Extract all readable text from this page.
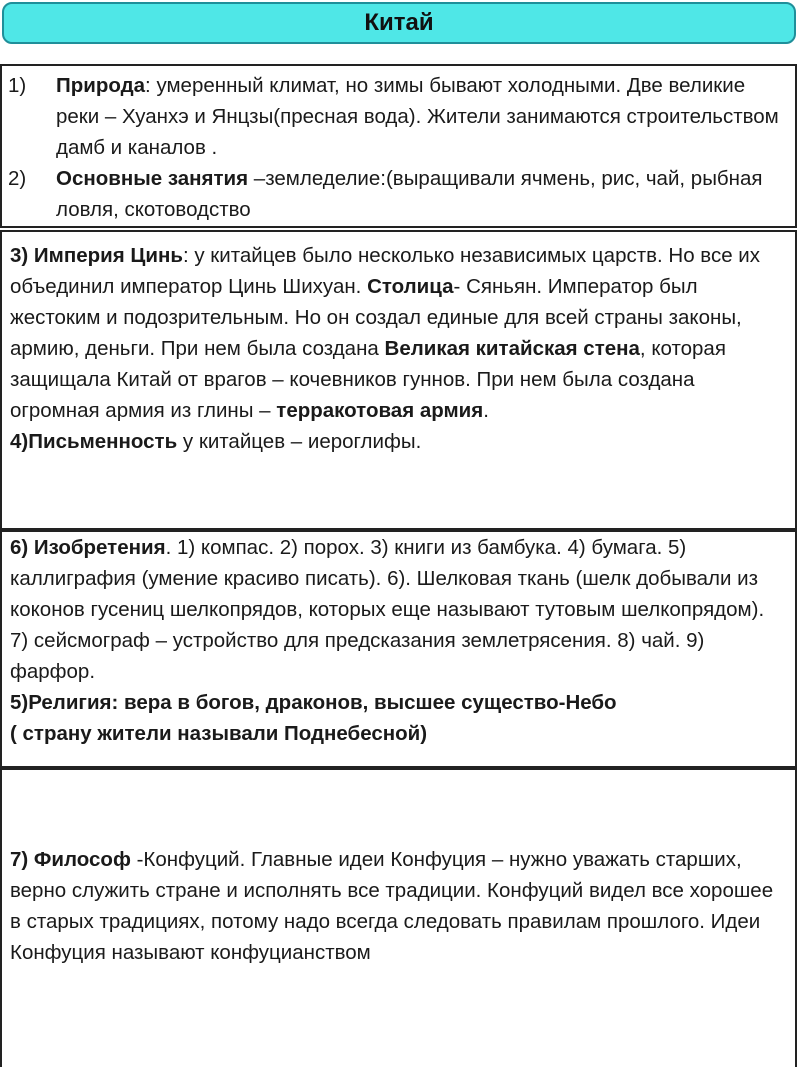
Китай
1)	Природа: умеренный климат, но зимы бывают холодными. Две великие реки – Хуанхэ и Янцзы(пресная вода). Жители занимаются строительством дамб и каналов .
2)	Основные занятия –земледелие:(выращивали ячмень, рис, чай, рыбная ловля, скотоводство
3) Империя Цинь: у китайцев было несколько независимых царств. Но все их объединил император Цинь Шихуан. Столица- Сяньян. Император был жестоким и подозрительным. Но он создал единые для всей страны законы, армию, деньги. При нем была создана Великая китайская стена, которая защищала Китай от врагов – кочевников гуннов. При нем была создана огромная армия из глины – терракотовая армия.
4)Письменность у китайцев – иероглифы.
6) Изобретения. 1) компас. 2) порох. 3) книги из бамбука. 4) бумага. 5) каллиграфия (умение красиво писать). 6). Шелковая ткань (шелк добывали из коконов гусениц шелкопрядов, которых еще называют тутовым шелкопрядом). 7) сейсмограф – устройство для предсказания землетрясения. 8) чай. 9) фарфор.
5)Религия: вера в богов, драконов, высшее существо-Небо
( страну жители называли Поднебесной)
7) Философ -Конфуций. Главные идеи Конфуция – нужно уважать старших, верно служить стране и исполнять все традиции. Конфуций видел все хорошее в старых традициях, потому надо всегда следовать правилам прошлого. Идеи Конфуция называют конфуцианством
